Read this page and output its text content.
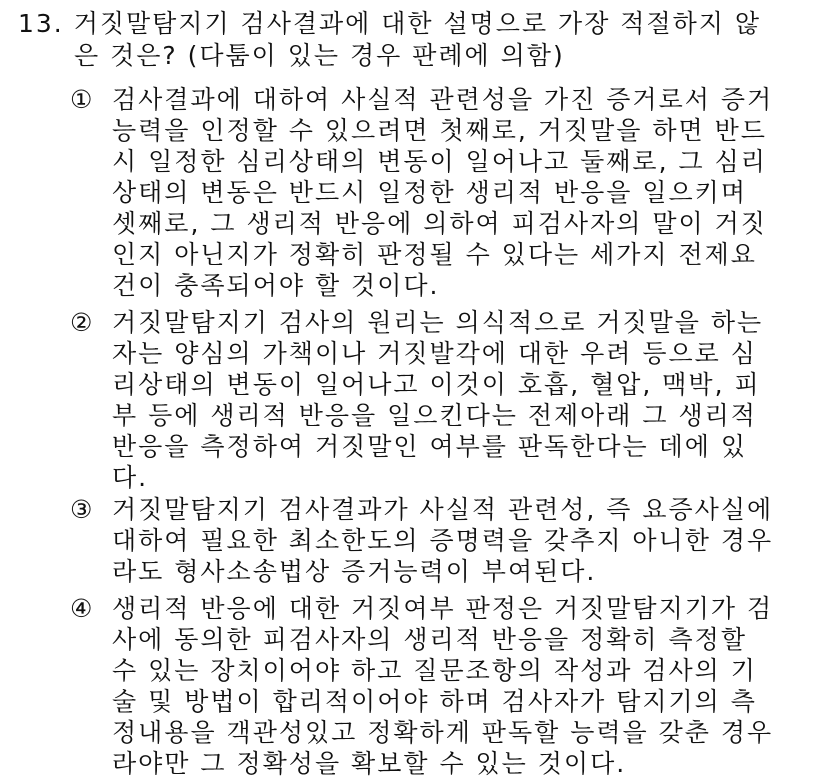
13. 거짓말탐지기 검사결과에 대한 설명으로 가장 적절하지 않
은 것은? (다툼이 있는 경우 판례에 의함)
① 검사결과에 대하여 사실적 관련성을 가진 증거로서 증거
능력을 인정할 수 있으려면 첫째로, 거짓말을 하면 반드
시 일정한 심리상태의 변동이 일어나고 둘째로, 그 심리
상태의 변동은 반드시 일정한 생리적 반응을 일으키며
셋째로, 그 생리적 반응에 의하여 피검사자의 말이 거짓
인지 아닌지가 정확히 판정될 수 있다는 세가지 전제요
건이 충족되어야 할 것이다.
② 거짓말탐지기 검사의 원리는 의식적으로 거짓말을 하는
자는 양심의 가책이나 거짓발각에 대한 우려 등으로 심
리상태의 변동이 일어나고 이것이 호흡, 혈압, 맥박, 피
부 등에 생리적 반응을 일으킨다는 전제아래 그 생리적
반응을 측정하여 거짓말인 여부를 판독한다는 데에 있
다.
③ 거짓말탐지기 검사결과가 사실적 관련성, 즉 요증사실에
대하여 필요한 최소한도의 증명력을 갖추지 아니한 경우
라도 형사소송법상 증거능력이 부여된다.
④ 생리적 반응에 대한 거짓여부 판정은 거짓말탐지기가 검
사에 동의한 피검사자의 생리적 반응을 정확히 측정할
수 있는 장치이어야 하고 질문조항의 작성과 검사의 기
술 및 방법이 합리적이어야 하며 검사자가 탐지기의 측
정내용을 객관성있고 정확하게 판독할 능력을 갖춘 경우
라야만 그 정확성을 확보할 수 있는 것이다.
